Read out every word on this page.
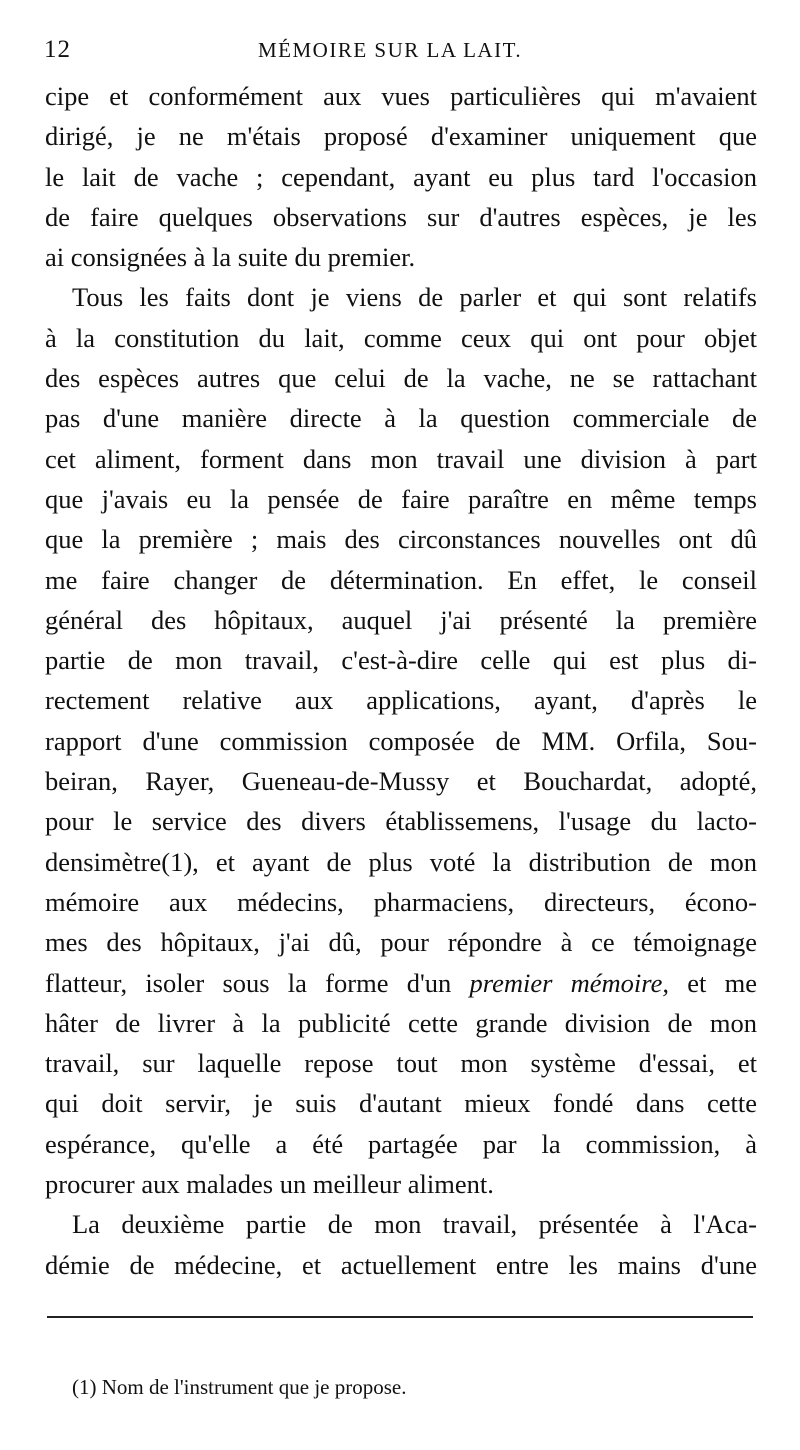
12	MÉMOIRE SUR LA LAIT.
cipe et conformément aux vues particulières qui m'avaient
dirigé, je ne m'étais proposé d'examiner uniquement que
le lait de vache ; cependant, ayant eu plus tard l'occasion
de faire quelques observations sur d'autres espèces, je les
ai consignées à la suite du premier.
Tous les faits dont je viens de parler et qui sont relatifs
à la constitution du lait, comme ceux qui ont pour objet
des espèces autres que celui de la vache, ne se rattachant
pas d'une manière directe à la question commerciale de
cet aliment, forment dans mon travail une division à part
que j'avais eu la pensée de faire paraître en même temps
que la première ; mais des circonstances nouvelles ont dû
me faire changer de détermination. En effet, le conseil
général des hôpitaux, auquel j'ai présenté la première
partie de mon travail, c'est-à-dire celle qui est plus di-
rectement relative aux applications, ayant, d'après le
rapport d'une commission composée de MM. Orfila, Sou-
beiran, Rayer, Gueneau-de-Mussy et Bouchardat, adopté,
pour le service des divers établissemens, l'usage du lacto-
densimètre(1), et ayant de plus voté la distribution de mon
mémoire aux médecins, pharmaciens, directeurs, écono-
mes des hôpitaux, j'ai dû, pour répondre à ce témoignage
flatteur, isoler sous la forme d'un premier mémoire, et me
hâter de livrer à la publicité cette grande division de mon
travail, sur laquelle repose tout mon système d'essai, et
qui doit servir, je suis d'autant mieux fondé dans cette
espérance, qu'elle a été partagée par la commission, à
procurer aux malades un meilleur aliment.
La deuxième partie de mon travail, présentée à l'Aca-
démie de médecine, et actuellement entre les mains d'une
(1) Nom de l'instrument que je propose.
